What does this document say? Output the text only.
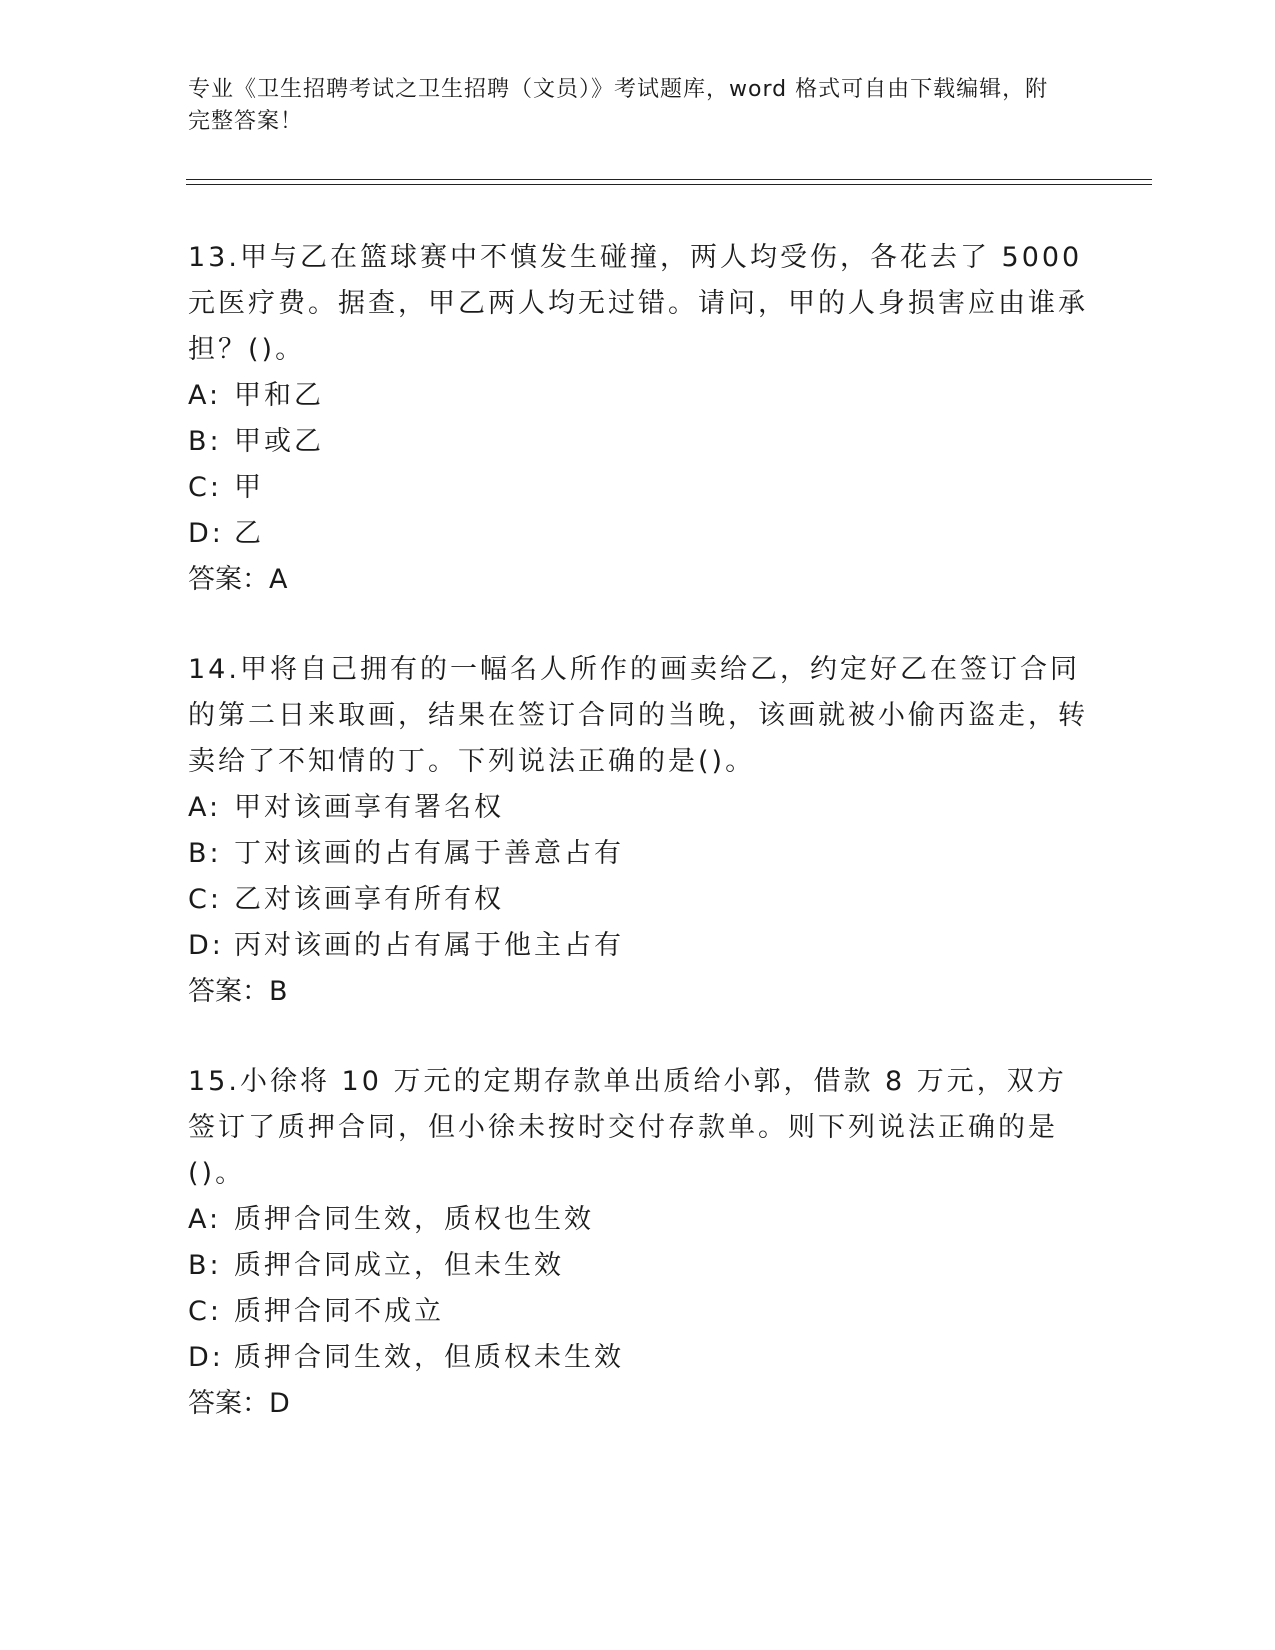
专业《卫生招聘考试之卫生招聘（文员）》考试题库，word 格式可自由下载编辑，附完整答案！
13.甲与乙在篮球赛中不慎发生碰撞，两人均受伤，各花去了 5000 元医疗费。据查，甲乙两人均无过错。请问，甲的人身损害应由谁承担？()。
A: 甲和乙
B: 甲或乙
C: 甲
D: 乙
答案：A
14.甲将自己拥有的一幅名人所作的画卖给乙，约定好乙在签订合同的第二日来取画，结果在签订合同的当晚，该画就被小偷丙盗走，转卖给了不知情的丁。下列说法正确的是()。
A: 甲对该画享有署名权
B: 丁对该画的占有属于善意占有
C: 乙对该画享有所有权
D: 丙对该画的占有属于他主占有
答案：B
15.小徐将 10 万元的定期存款单出质给小郭，借款 8 万元，双方签订了质押合同，但小徐未按时交付存款单。则下列说法正确的是()。
A: 质押合同生效，质权也生效
B: 质押合同成立，但未生效
C: 质押合同不成立
D: 质押合同生效，但质权未生效
答案：D
